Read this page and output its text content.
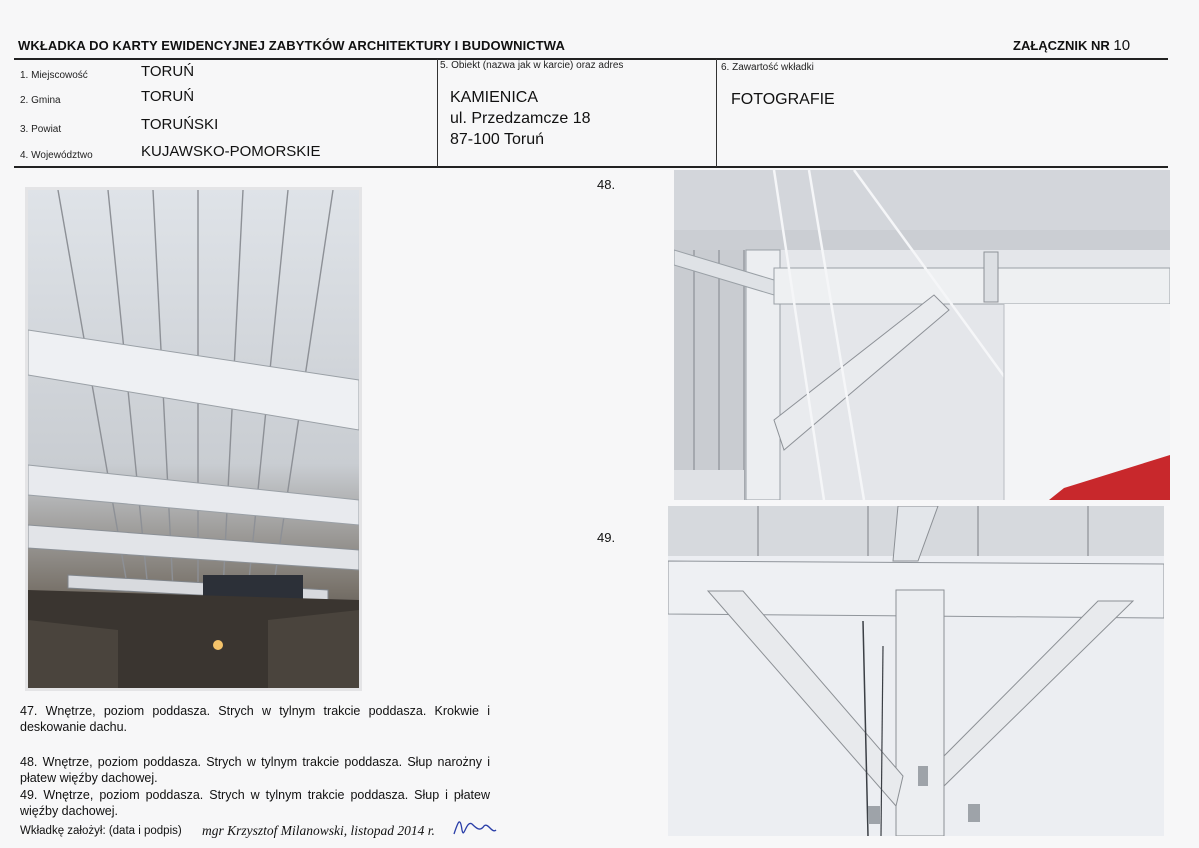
WKŁADKA DO KARTY EWIDENCYJNEJ ZABYTKÓW ARCHITEKTURY I BUDOWNICTWA	ZAŁĄCZNIK NR 10
1. Miejscowość	TORUŃ
2. Gmina	TORUŃ
3. Powiat	TORUŃSKI
4. Województwo	KUJAWSKO-POMORSKIE
5. Obiekt (nazwa jak w karcie) oraz adres
KAMIENICA
ul. Przedzamcze 18
87-100 Toruń
6. Zawartość wkładki
FOTOGRAFIE
48.
49.
47. Wnętrze, poziom poddasza. Strych w tylnym trakcie poddasza. Krokwie i deskowanie dachu.
48. Wnętrze, poziom poddasza. Strych w tylnym trakcie poddasza. Słup narożny i płatew więźby dachowej.
49. Wnętrze, poziom poddasza. Strych w tylnym trakcie poddasza. Słup i płatew więźby dachowej.
Wkładkę założył: (data i podpis) mgr Krzysztof Milanowski, listopad 2014 r.
